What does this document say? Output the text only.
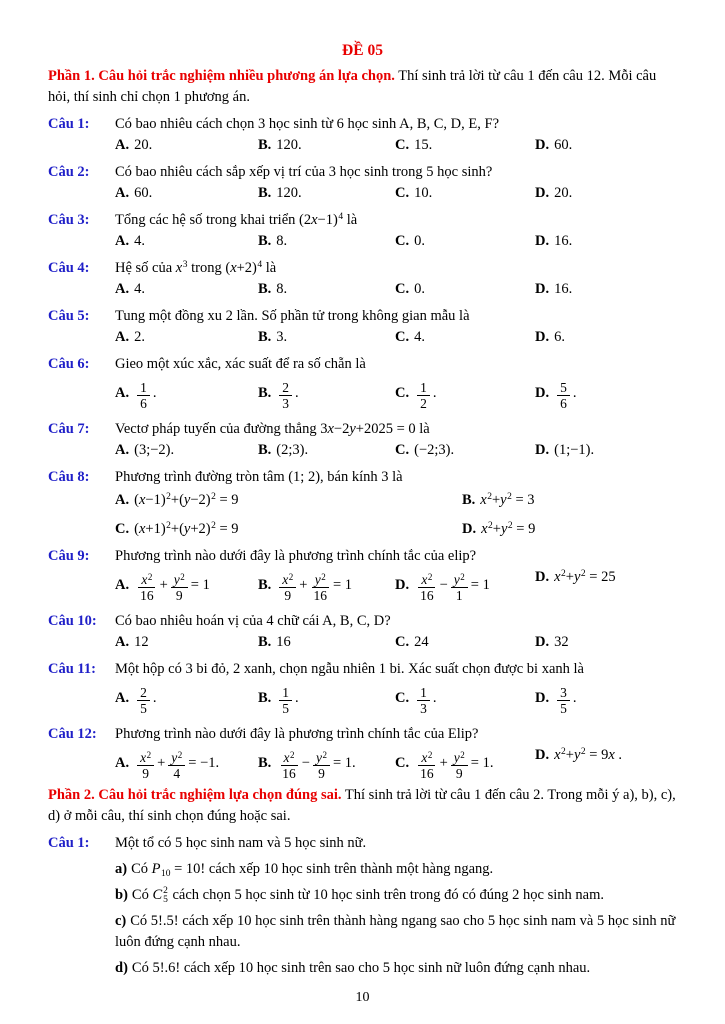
ĐỀ 05

Phần 1. Câu hỏi trắc nghiệm nhiều phương án lựa chọn. Thí sinh trả lời từ câu 1 đến câu 12. Mỗi câu hỏi, thí sinh chỉ chọn 1 phương án.

Câu 1:	Có bao nhiêu cách chọn 3 học sinh từ 6 học sinh A, B, C, D, E, F?
A. 20.	B. 120.	C. 15.	D. 60.
Câu 2:	Có bao nhiêu cách sắp xếp vị trí của 3 học sinh trong 5 học sinh?
A. 60.	B. 120.	C. 10.	D. 20.
Câu 3:	Tổng các hệ số trong khai triển $(2x-1)^4$ là
A. 4.	B. 8.	C. 0.	D. 16.
Câu 4:	Hệ số của $x^3$ trong $(x+2)^4$ là
A. 4.	B. 8.	C. 0.	D. 16.
Câu 5:	Tung một đồng xu 2 lần. Số phần tử trong không gian mẫu là
A. 2.	B. 3.	C. 4.	D. 6.
Câu 6:	Gieo một xúc xắc, xác suất để ra số chẵn là
A. $\frac{1}{6}$ .	B. $\frac{2}{3}$ .	C. $\frac{1}{2}$ .	D. $\frac{5}{6}$ .
Câu 7:	Vectơ pháp tuyến của đường thẳng 3x−2y+2025 = 0 là
A. (3;−2).	B. (2;3).	C. (−2;3).	D. (1;−1).
Câu 8:	Phương trình đường tròn tâm (1; 2), bán kính 3 là
A. $(x-1)^2+(y-2)^2 = 9$	B. $x^2+y^2 = 3$
C. $(x+1)^2+(y+2)^2 = 9$	D. $x^2+y^2 = 9$
Câu 9:	Phương trình nào dưới đây là phương trình chính tắc của elip?
A. $\frac{x^2}{16} + \frac{y^2}{9} = 1$	B. $\frac{x^2}{9} + \frac{y^2}{16} = 1$	D. $\frac{x^2}{16} - \frac{y^2}{1} = 1$
D. $x^2+y^2 = 25$
Câu 10:	Có bao nhiêu hoán vị của 4 chữ cái A, B, C, D?
A. 12	B. 16	C. 24	D. 32
Câu 11:	Một hộp có 3 bi đỏ, 2 xanh, chọn ngẫu nhiên 1 bi. Xác suất chọn được bi xanh là
A. $\frac{2}{5}$ .	B. $\frac{1}{5}$ .	C. $\frac{1}{3}$ .	D. $\frac{3}{5}$ .
Câu 12:	Phương trình nào dưới đây là phương trình chính tắc của Elip?
A. $\frac{x^2}{9} + \frac{y^2}{4} = -1$.	B. $\frac{x^2}{16} - \frac{y^2}{9} = 1$.	C. $\frac{x^2}{16} + \frac{y^2}{9} = 1$.
D. $x^2+y^2 = 9x$ .

Phần 2. Câu hỏi trắc nghiệm lựa chọn đúng sai. Thí sinh trả lời từ câu 1 đến câu 2. Trong mỗi ý a), b), c), d) ở mỗi câu, thí sinh chọn đúng hoặc sai.

Câu 1:	Một tổ có 5 học sinh nam và 5 học sinh nữ.

a) Có $P_{10} = 10$! cách xếp 10 học sinh trên thành một hàng ngang.

b) Có C 2
5 cách chọn 5 học sinh từ 10 học sinh trên trong đó có đúng 2 học sinh nam.

c) Có 5!.5! cách xếp 10 học sinh trên thành hàng ngang sao cho 5 học sinh nam và 5 học sinh nữ luôn đứng cạnh nhau.

d) Có 5!.6! cách xếp 10 học sinh trên sao cho 5 học sinh nữ luôn đứng cạnh nhau.

10
